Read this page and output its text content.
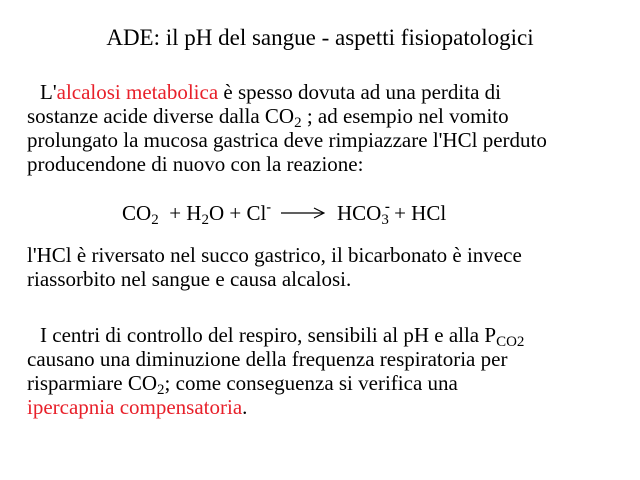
ADE: il pH del sangue - aspetti fisiopatologici
L'alcalosi metabolica è spesso dovuta ad una perdita di
sostanze acide diverse dalla CO2 ; ad esempio nel vomito
prolungato la mucosa gastrica deve rimpiazzare l'HCl perduto
producendone di nuovo con la reazione:
CO2  + H2O + Cl- → HCO3
- + HCl
l'HCl è riversato nel succo gastrico, il bicarbonato è invece
riassorbito nel sangue e causa alcalosi.
I centri di controllo del respiro, sensibili al pH e alla PCO2
causano una diminuzione della frequenza respiratoria per
risparmiare CO2; come conseguenza si verifica una
ipercapnia compensatoria.
